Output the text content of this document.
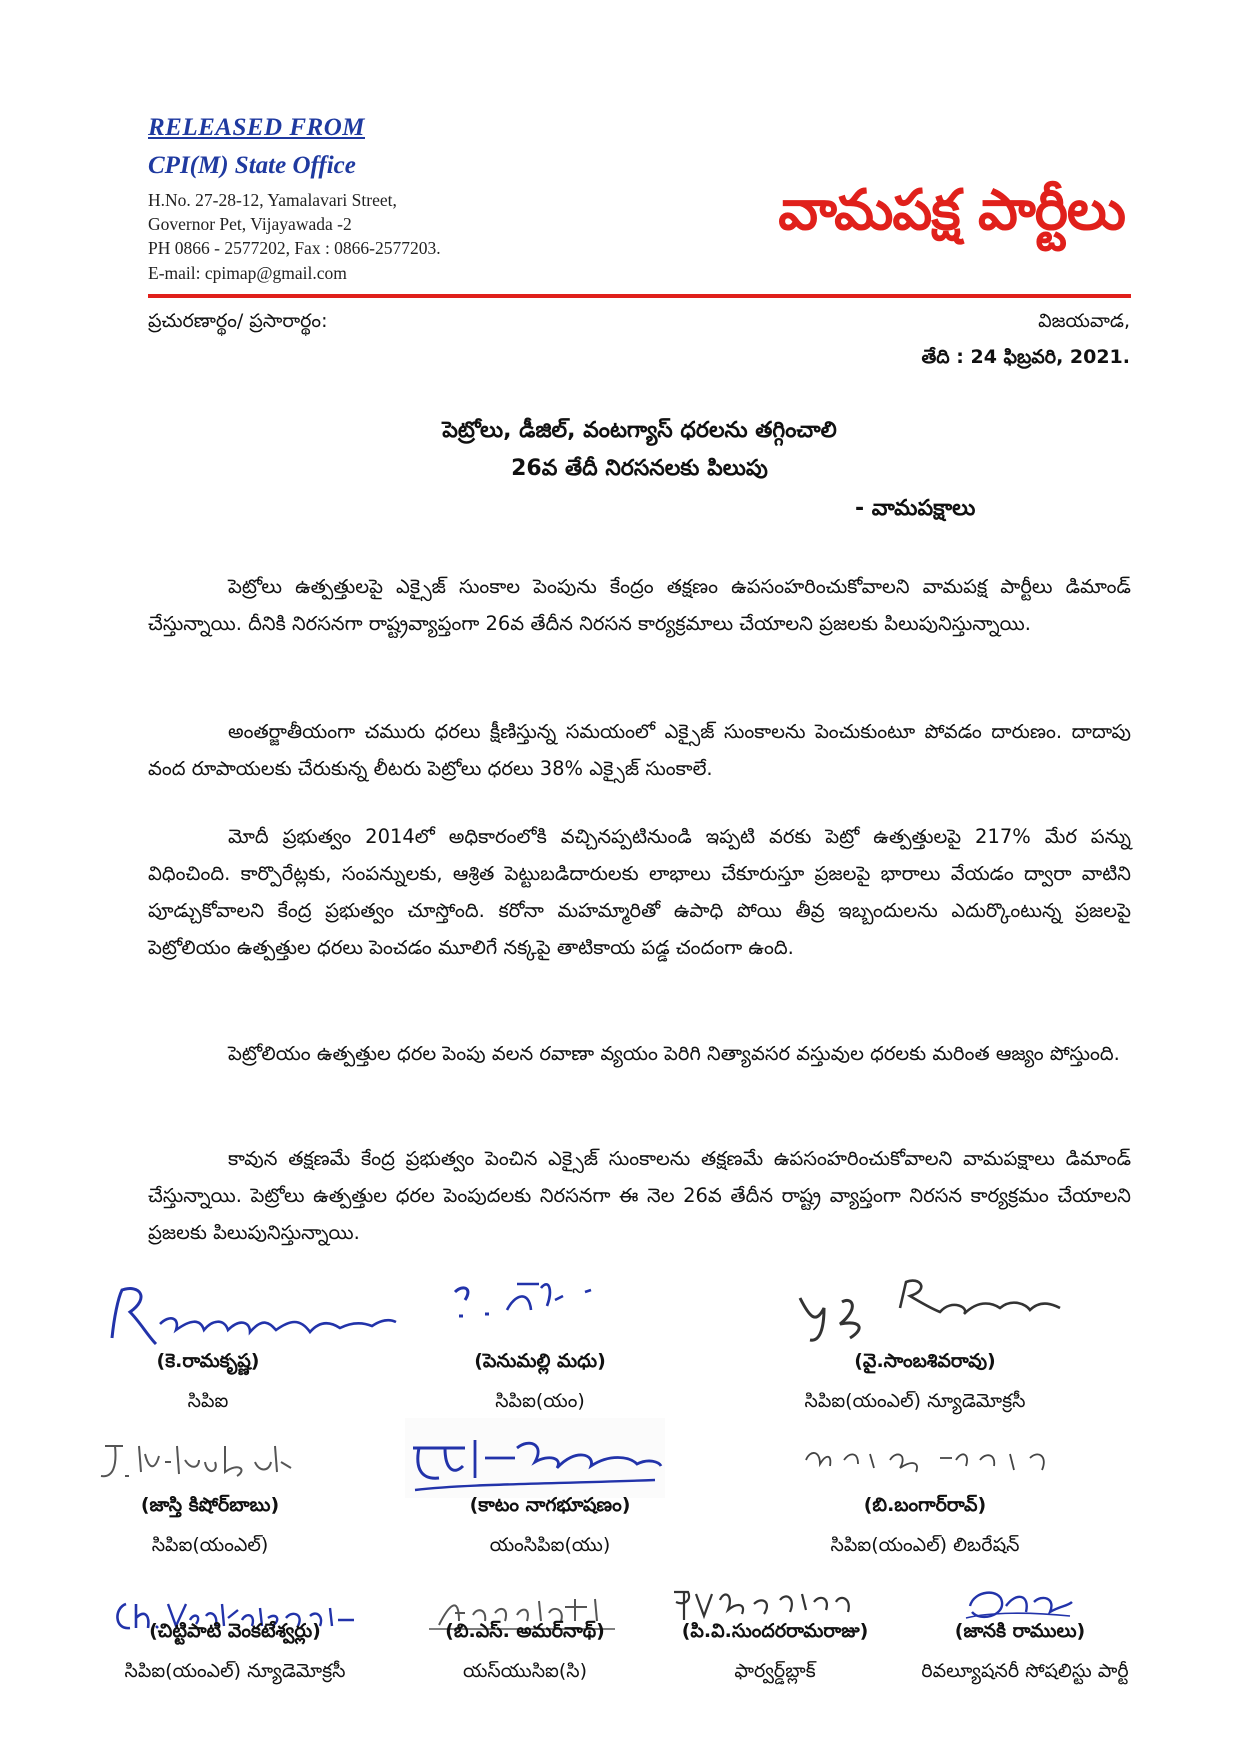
RELEASED FROM
CPI(M) State Office
H.No. 27-28-12, Yamalavari Street,
Governor Pet, Vijayawada -2
PH 0866 - 2577202, Fax : 0866-2577203.
E-mail: cpimap@gmail.com
వామపక్ష పార్టీలు
ప్రచురణార్థం/ ప్రసారార్థం:	విజయవాడ,
తేది : 24 ఫిబ్రవరి, 2021.
పెట్రోలు, డీజిల్, వంటగ్యాస్ ధరలను తగ్గించాలి
26వ తేదీ నిరసనలకు పిలుపు
- వామపక్షాలు
పెట్రోలు ఉత్పత్తులపై ఎక్సైజ్ సుంకాల పెంపును కేంద్రం తక్షణం ఉపసంహరించుకోవాలని వామపక్ష పార్టీలు డిమాండ్ చేస్తున్నాయి. దీనికి నిరసనగా రాష్ట్రవ్యాప్తంగా 26వ తేదీన నిరసన కార్యక్రమాలు చేయాలని ప్రజలకు పిలుపునిస్తున్నాయి.
అంతర్జాతీయంగా చమురు ధరలు క్షీణిస్తున్న సమయంలో ఎక్సైజ్ సుంకాలను పెంచుకుంటూ పోవడం దారుణం. దాదాపు వంద రూపాయలకు చేరుకున్న లీటరు పెట్రోలు ధరలు 38% ఎక్సైజ్ సుంకాలే.
మోదీ ప్రభుత్వం 2014లో అధికారంలోకి వచ్చినప్పటినుండి ఇప్పటి వరకు పెట్రో ఉత్పత్తులపై 217% మేర పన్ను విధించింది. కార్పొరేట్లకు, సంపన్నులకు, ఆశ్రిత పెట్టుబడిదారులకు లాభాలు చేకూరుస్తూ ప్రజలపై భారాలు వేయడం ద్వారా వాటిని పూడ్చుకోవాలని కేంద్ర ప్రభుత్వం చూస్తోంది. కరోనా మహమ్మారితో ఉపాధి పోయి తీవ్ర ఇబ్బందులను ఎదుర్కొంటున్న ప్రజలపై పెట్రోలియం ఉత్పత్తుల ధరలు పెంచడం మూలిగే నక్కపై తాటికాయ పడ్డ చందంగా ఉంది.
పెట్రోలియం ఉత్పత్తుల ధరల పెంపు వలన రవాణా వ్యయం పెరిగి నిత్యావసర వస్తువుల ధరలకు మరింత ఆజ్యం పోస్తుంది.
కావున తక్షణమే కేంద్ర ప్రభుత్వం పెంచిన ఎక్సైజ్ సుంకాలను తక్షణమే ఉపసంహరించుకోవాలని వామపక్షాలు డిమాండ్ చేస్తున్నాయి. పెట్రోలు ఉత్పత్తుల ధరల పెంపుదలకు నిరసనగా ఈ నెల 26వ తేదీన రాష్ట్ర వ్యాప్తంగా నిరసన కార్యక్రమం చేయాలని ప్రజలకు పిలుపునిస్తున్నాయి.
(కె.రామకృష్ణ)
సిపిఐ
(పెనుమల్లి మధు)
సిపిఐ(యం)
(వై.సాంబశివరావు)
సిపిఐ(యంఎల్) న్యూడెమోక్రసీ
(జాస్తి కిషోర్‌బాబు)
సిపిఐ(యంఎల్)
(కాటం నాగభూషణం)
యంసిపిఐ(యు)
(బి.బంగార్‌రావ్)
సిపిఐ(యంఎల్) లిబరేషన్
(చిట్టిపాటి వెంకటేశ్వర్లు)
సిపిఐ(యంఎల్) న్యూడెమోక్రసీ
(బి.ఎస్. అమర్‌నాథ్)
యస్‌యుసిఐ(సి)
(పి.వి.సుందరరామరాజు)
ఫార్వర్డ్‌బ్లాక్
(జానకి రాములు)
రివల్యూషనరీ సోషలిస్టు పార్టీ
